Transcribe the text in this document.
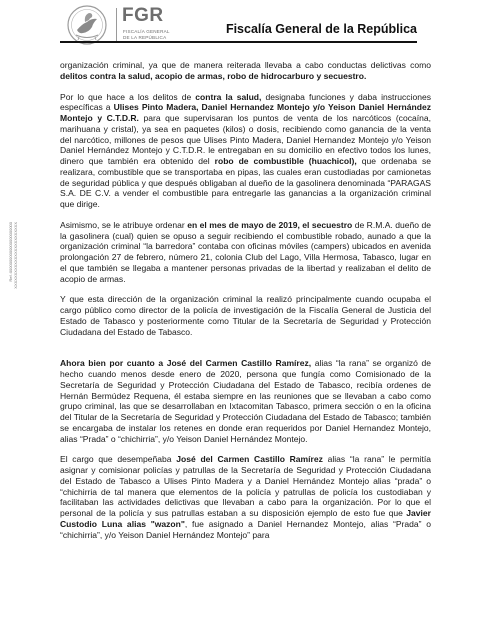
FGR
FISCALÍA GENERAL
DE LA REPÚBLICA
Fiscalía General de la República
Ref.:00000000000000000000000 XXXXXXXXXXXXXXXXXXXXXXXXX

organización criminal, ya que de manera reiterada llevaba a cabo conductas delictivas como delitos contra la salud, acopio de armas, robo de hidrocarburo y secuestro.

Por lo que hace a los delitos de contra la salud, designaba funciones y daba instrucciones específicas a Ulises Pinto Madera, Daniel Hernandez Montejo y/o Yeison Daniel Hernández Montejo y C.T.D.R. para que supervisaran los puntos de venta de los narcóticos (cocaína, marihuana y cristal), ya sea en paquetes (kilos) o dosis, recibiendo como ganancia de la venta del narcótico, millones de pesos que Ulises Pinto Madera, Daniel Hernandez Montejo y/o Yeison Daniel Hernández Montejo y C.T.D.R. le entregaban en su domicilio en efectivo todos los lunes, dinero que también era obtenido del robo de combustible (huachicol), que ordenaba se realizara, combustible que se transportaba en pipas, las cuales eran custodiadas por camionetas de seguridad pública y que después obligaban al dueño de la gasolinera denominada “PARAGAS S.A. DE C.V. a vender el combustible para entregarle las ganancias a la organización criminal que dirige.

Asimismo, se le atribuye ordenar en el mes de mayo de 2019, el secuestro de R.M.A. dueño de la gasolinera (cual) quien se opuso a seguir recibiendo el combustible robado, aunado a que la organización criminal “la barredora” contaba con oficinas móviles (campers) ubicados en avenida prolongación 27 de febrero, número 21, colonia Club del Lago, Villa Hermosa, Tabasco, lugar en el que también se llegaba a mantener personas privadas de la libertad y realizaban el delito de acopio de armas.

Y que esta dirección de la organización criminal la realizó principalmente cuando ocupaba el cargo público como director de la policía de investigación de la Fiscalía General de Justicia del Estado de Tabasco y posteriormente como Titular de la Secretaría de Seguridad y Protección Ciudadana del Estado de Tabasco.

Ahora bien por cuanto a José del Carmen Castillo Ramírez, alias “la rana” se organizó de hecho cuando menos desde enero de 2020, persona que fungía como Comisionado de la Secretaría de Seguridad y Protección Ciudadana del Estado de Tabasco, recibía ordenes de Hernán Bermúdez Requena, él estaba siempre en las reuniones que se llevaban a cabo como grupo criminal, las que se desarrollaban en Ixtacomitan Tabasco, primera sección o en la oficina del Titular de la Secretaría de Seguridad y Protección Ciudadana del Estado de Tabasco; también se encargaba de instalar los retenes en donde eran requeridos por Daniel Hernandez Montejo, alias “Prada” o “chichirria”, y/o Yeison Daniel Hernández Montejo.

El cargo que desempeñaba José del Carmen Castillo Ramírez alias “la rana” le permitía asignar y comisionar policías y patrullas de la Secretaría de Seguridad y Protección Ciudadana del Estado de Tabasco a Ulises Pinto Madera y a Daniel Hernández Montejo alias “prada” o “chichirria de tal manera que elementos de la policía y patrullas de policía los custodiaban y facilitaban las actividades delictivas que llevaban a cabo para la organización. Por lo que el personal de la policía y sus patrullas estaban a su disposición ejemplo de esto fue que Javier Custodio Luna alias "wazon", fue asignado a Daniel Hernandez Montejo, alias “Prada” o “chichirria”, y/o Yeison Daniel Hernández Montejo” para
